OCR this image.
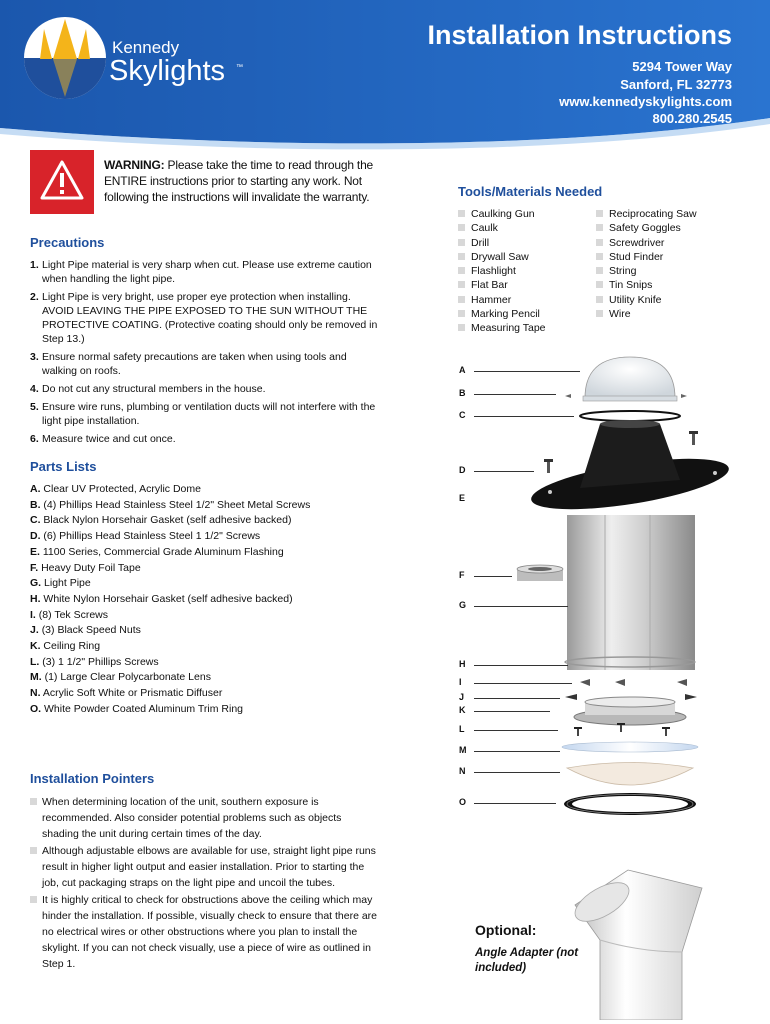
Kennedy
Skylights ™
Installation Instructions
5294 Tower Way
Sanford, FL 32773
www.kennedyskylights.com
800.280.2545
WARNING: Please take the time to read through the ENTIRE instructions prior to starting any work. Not following the instructions will invalidate the warranty.
Precautions
1. Light Pipe material is very sharp when cut. Please use extreme caution when handling the light pipe.
2. Light Pipe is very bright, use proper eye protection when installing. AVOID LEAVING THE PIPE EXPOSED TO THE SUN WITHOUT THE PROTECTIVE COATING. (Protective coating should only be removed in Step 13.)
3. Ensure normal safety precautions are taken when using tools and walking on roofs.
4. Do not cut any structural members in the house.
5. Ensure wire runs, plumbing or ventilation ducts will not interfere with the light pipe installation.
6. Measure twice and cut once.
Parts Lists
A. Clear UV Protected, Acrylic Dome
B. (4) Phillips Head Stainless Steel 1/2" Sheet Metal Screws
C. Black Nylon Horsehair Gasket (self adhesive backed)
D. (6) Phillips Head Stainless Steel 1 1/2" Screws
E. 1100 Series, Commercial Grade Aluminum Flashing
F. Heavy Duty Foil Tape
G. Light Pipe
H. White Nylon Horsehair Gasket (self adhesive backed)
I. (8) Tek Screws
J. (3) Black Speed Nuts
K. Ceiling Ring
L. (3) 1 1/2" Phillips Screws
M. (1) Large Clear Polycarbonate Lens
N. Acrylic Soft White or Prismatic Diffuser
O. White Powder Coated Aluminum Trim Ring
Installation Pointers
When determining location of the unit, southern exposure is recommended. Also consider potential problems such as objects shading the unit during certain times of the day.
Although adjustable elbows are available for use, straight light pipe runs result in higher light output and easier installation. Prior to starting the job, cut packaging straps on the light pipe and uncoil the tubes.
It is highly critical to check for obstructions above the ceiling which may hinder the installation. If possible, visually check to ensure that there are no electrical wires or other obstructions where you plan to install the skylight. If you can not check visually, use a piece of wire as outlined in Step 1.
Tools/Materials Needed
Caulking Gun
Caulk
Drill
Drywall Saw
Flashlight
Flat Bar
Hammer
Marking Pencil
Measuring Tape
Reciprocating Saw
Safety Goggles
Screwdriver
Stud Finder
String
Tin Snips
Utility Knife
Wire
A
B
C
D
E
F
G
H
I
J
K
L
M
N
O
Optional:
Angle Adapter (not included)
